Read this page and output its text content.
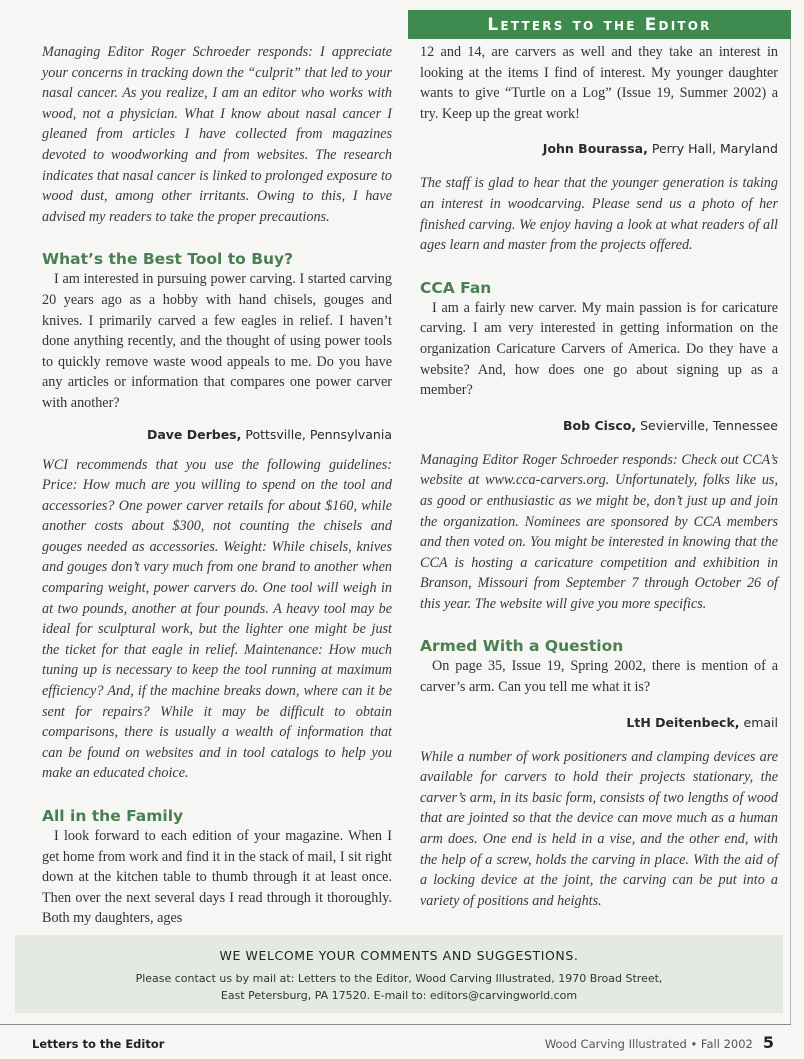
Letters to the Editor

Managing Editor Roger Schroeder responds: I appreciate your concerns in tracking down the “culprit” that led to your nasal cancer. As you realize, I am an editor who works with wood, not a physician. What I know about nasal cancer I gleaned from articles I have collected from magazines devoted to woodworking and from websites. The research indicates that nasal cancer is linked to prolonged exposure to wood dust, among other irritants. Owing to this, I have advised my readers to take the proper precautions.

What’s the Best Tool to Buy?

I am interested in pursuing power carving. I started carving 20 years ago as a hobby with hand chisels, gouges and knives. I primarily carved a few eagles in relief. I haven’t done anything recently, and the thought of using power tools to quickly remove waste wood appeals to me. Do you have any articles or information that compares one power carver with another?

Dave Derbes, Pottsville, Pennsylvania

WCI recommends that you use the following guidelines: Price: How much are you willing to spend on the tool and accessories? One power carver retails for about $160, while another costs about $300, not counting the chisels and gouges needed as accessories. Weight: While chisels, knives and gouges don’t vary much from one brand to another when comparing weight, power carvers do. One tool will weigh in at two pounds, another at four pounds. A heavy tool may be ideal for sculptural work, but the lighter one might be just the ticket for that eagle in relief. Maintenance: How much tuning up is necessary to keep the tool running at maximum efficiency? And, if the machine breaks down, where can it be sent for repairs? While it may be difficult to obtain comparisons, there is usually a wealth of information that can be found on websites and in tool catalogs to help you make an educated choice.

All in the Family

I look forward to each edition of your magazine. When I get home from work and find it in the stack of mail, I sit right down at the kitchen table to thumb through it at least once. Then over the next several days I read through it thoroughly. Both my daughters, ages

12 and 14, are carvers as well and they take an interest in looking at the items I find of interest. My younger daughter wants to give “Turtle on a Log” (Issue 19, Summer 2002) a try. Keep up the great work!

John Bourassa, Perry Hall, Maryland

The staff is glad to hear that the younger generation is taking an interest in woodcarving. Please send us a photo of her finished carving. We enjoy having a look at what readers of all ages learn and master from the projects offered.

CCA Fan

I am a fairly new carver. My main passion is for caricature carving. I am very interested in getting information on the organization Caricature Carvers of America. Do they have a website? And, how does one go about signing up as a member?

Bob Cisco, Sevierville, Tennessee

Managing Editor Roger Schroeder responds: Check out CCA’s website at www.cca-carvers.org. Unfortunately, folks like us, as good or enthusiastic as we might be, don’t just up and join the organization. Nominees are sponsored by CCA members and then voted on. You might be interested in knowing that the CCA is hosting a caricature competition and exhibition in Branson, Missouri from September 7 through October 26 of this year. The website will give you more specifics.

Armed With a Question

On page 35, Issue 19, Spring 2002, there is mention of a carver’s arm. Can you tell me what it is?

LtH Deitenbeck, email

While a number of work positioners and clamping devices are available for carvers to hold their projects stationary, the carver’s arm, in its basic form, consists of two lengths of wood that are jointed so that the device can move much as a human arm does. One end is held in a vise, and the other end, with the help of a screw, holds the carving in place. With the aid of a locking device at the joint, the carving can be put into a variety of positions and heights.

WE WELCOME YOUR COMMENTS AND SUGGESTIONS.
Please contact us by mail at: Letters to the Editor, Wood Carving Illustrated, 1970 Broad Street,
East Petersburg, PA 17520. E-mail to: editors@carvingworld.com
Letters to the Editor	Wood Carving Illustrated • Fall 2002 5
